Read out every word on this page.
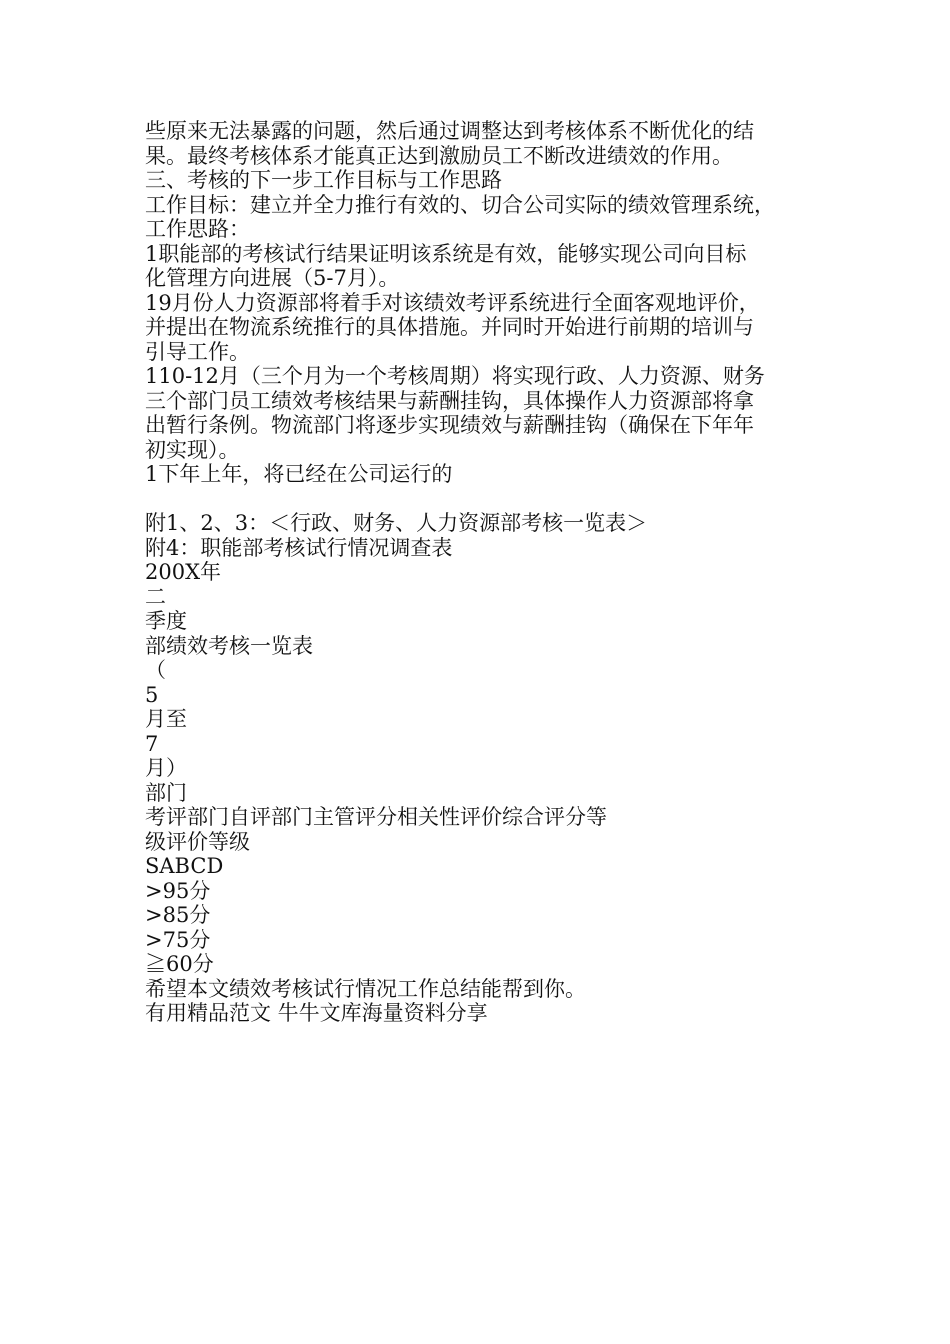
些原来无法暴露的问题，然后通过调整达到考核体系不断优化的结
果。最终考核体系才能真正达到激励员工不断改进绩效的作用。
三、考核的下一步工作目标与工作思路
工作目标：建立并全力推行有效的、切合公司实际的绩效管理系统，
工作思路：
1职能部的考核试行结果证明该系统是有效，能够实现公司向目标
化管理方向进展（5-7月）。
19月份人力资源部将着手对该绩效考评系统进行全面客观地评价，
并提出在物流系统推行的具体措施。并同时开始进行前期的培训与
引导工作。
110-12月（三个月为一个考核周期）将实现行政、人力资源、财务
三个部门员工绩效考核结果与薪酬挂钩，具体操作人力资源部将拿
出暂行条例。物流部门将逐步实现绩效与薪酬挂钩（确保在下年年
初实现）。
1下年上年，将已经在公司运行的
附1、2、3：＜行政、财务、人力资源部考核一览表＞
附4：职能部考核试行情况调查表
200X年
二
季度
部绩效考核一览表
（
5
月至
7
月）
部门
考评部门自评部门主管评分相关性评价综合评分等
级评价等级
SABCD
>95分
>85分
>75分
≧60分
希望本文绩效考核试行情况工作总结能帮到你。
有用精品范文 牛牛文库海量资料分享
